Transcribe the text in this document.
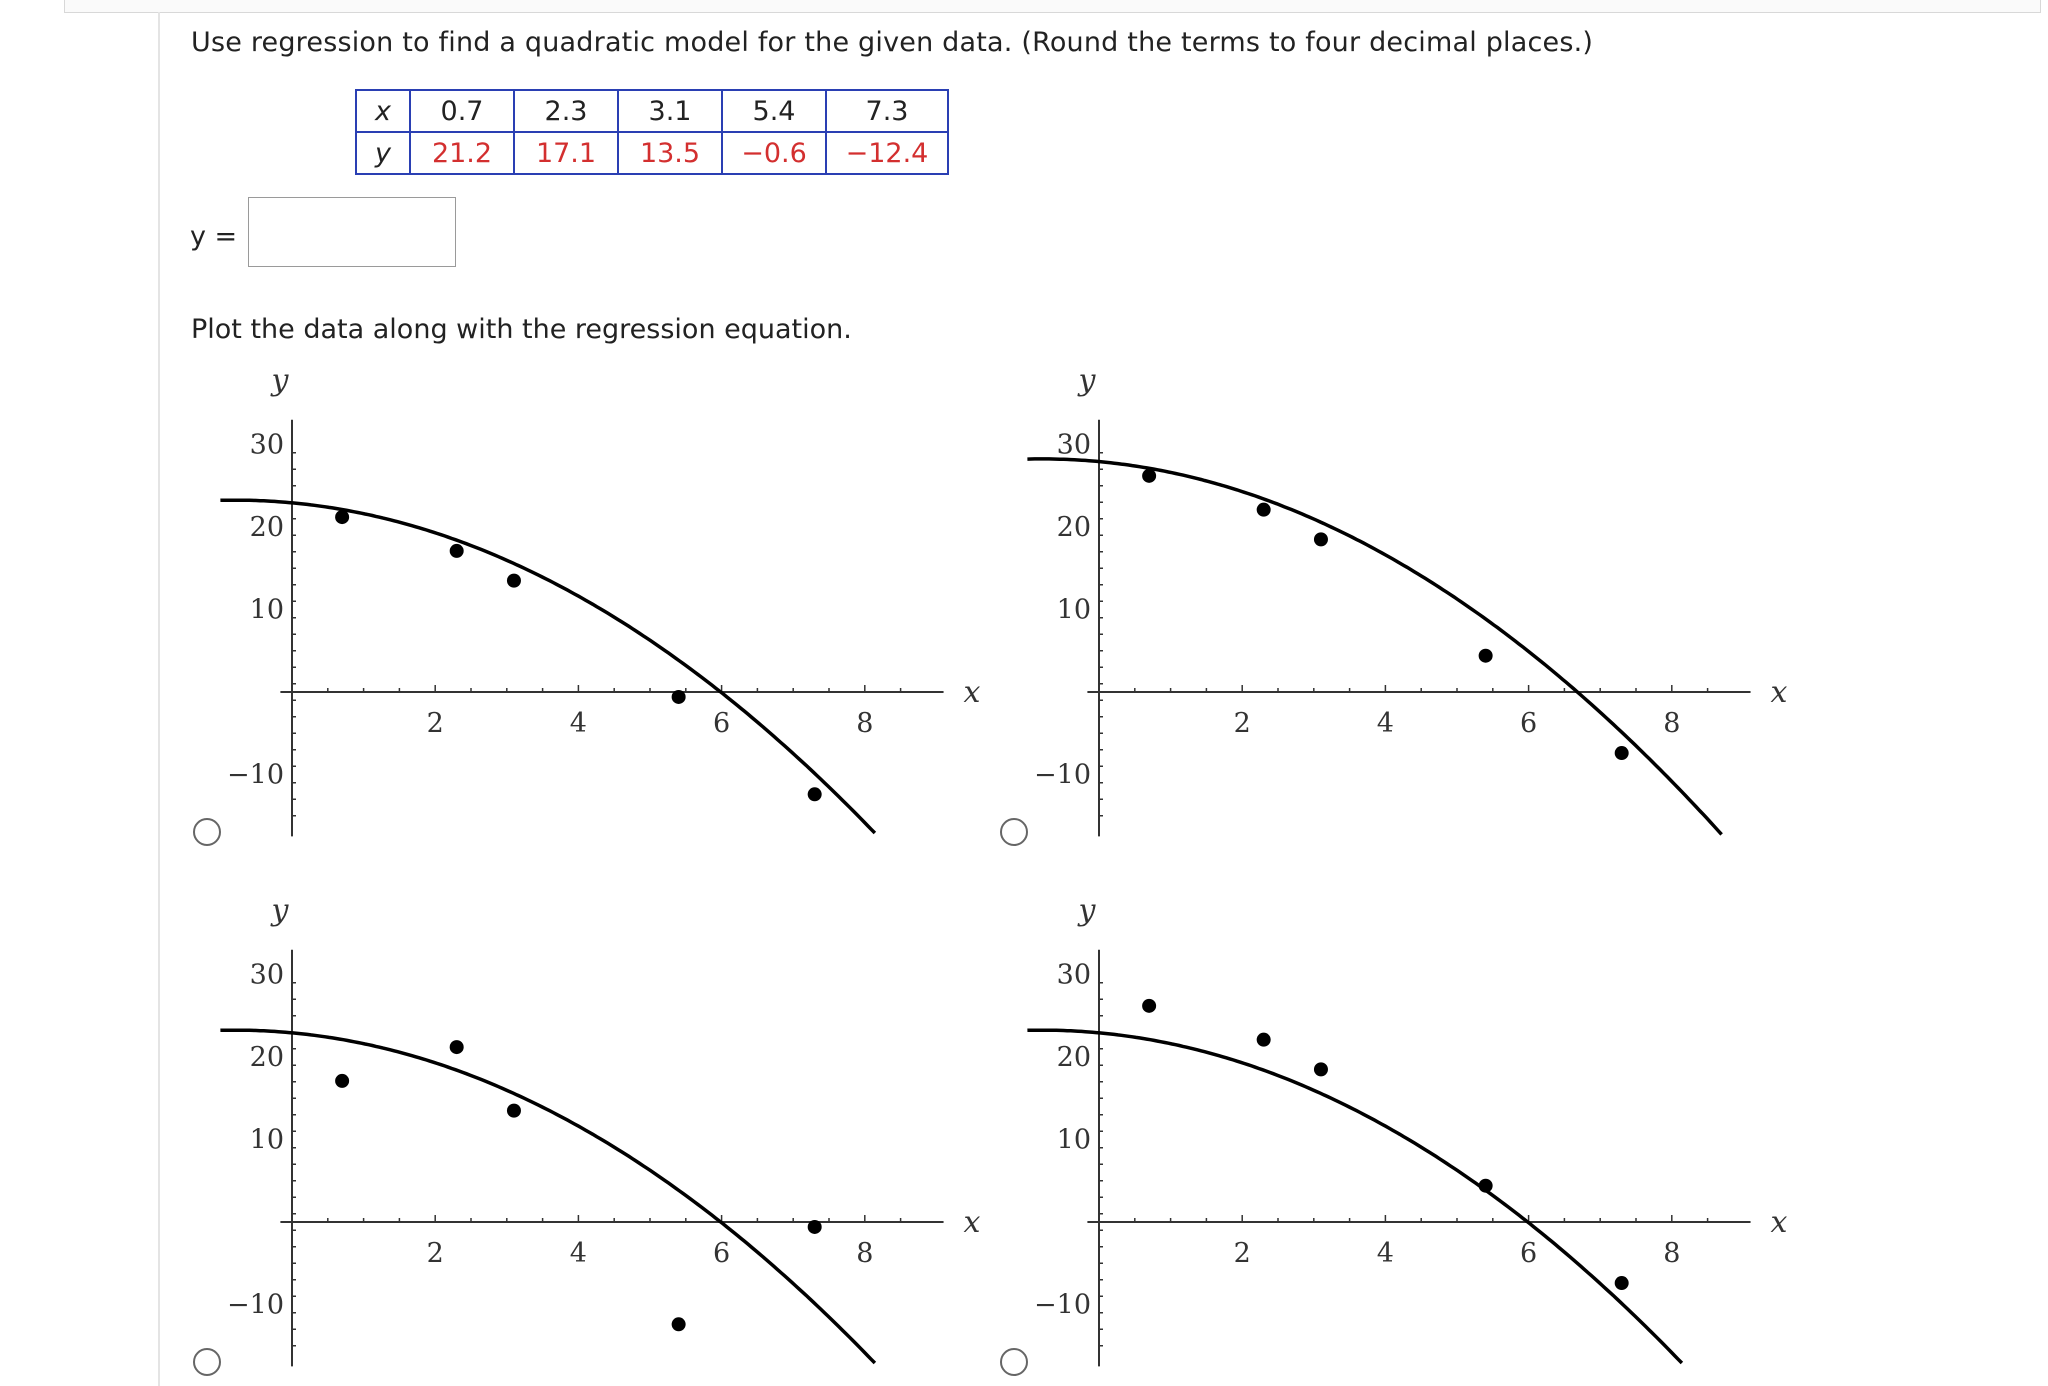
Use regression to find a quadratic model for the given data. (Round the terms to four decimal places.)
x	0.7	2.3	3.1	5.4	7.3
y	21.2	17.1	13.5	−0.6	−12.4
y =
Plot the data along with the regression equation.
2	4	6	8
30
20
10
−10
x
y
2	4	6	8
30
20
10
−10
x
y
2	4	6	8
30
20
10
−10
x
y
2	4	6	8
30
20
10
−10
x
y
